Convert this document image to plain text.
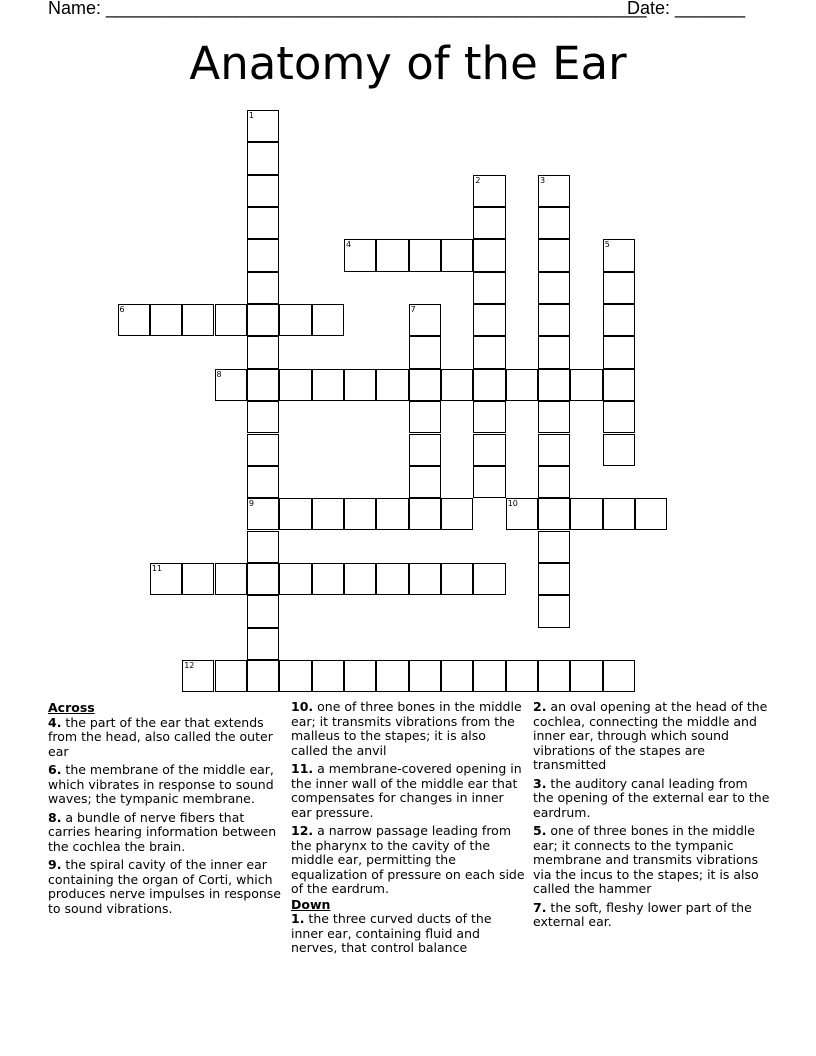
Name: ______________________________________________________
Date: _______
Anatomy of the Ear
1
9
2	3
4	5
6	7
8
10
11
12
Across
4. the part of the ear that extends from the head, also called the outer ear
6. the membrane of the middle ear, which vibrates in response to sound waves; the tympanic membrane.
8. a bundle of nerve fibers that carries hearing information between the cochlea the brain.
9. the spiral cavity of the inner ear containing the organ of Corti, which produces nerve impulses in response to sound vibrations.
10. one of three bones in the middle ear; it transmits vibrations from the malleus to the stapes; it is also called the anvil
11. a membrane-covered opening in the inner wall of the middle ear that compensates for changes in inner ear pressure.
12. a narrow passage leading from the pharynx to the cavity of the middle ear, permitting the equalization of pressure on each side of the eardrum.
Down
1. the three curved ducts of the inner ear, containing fluid and nerves, that control balance
2. an oval opening at the head of the cochlea, connecting the middle and inner ear, through which sound vibrations of the stapes are transmitted
3. the auditory canal leading from the opening of the external ear to the eardrum.
5. one of three bones in the middle ear; it connects to the tympanic membrane and transmits vibrations via the incus to the stapes; it is also called the hammer
7. the soft, fleshy lower part of the external ear.
